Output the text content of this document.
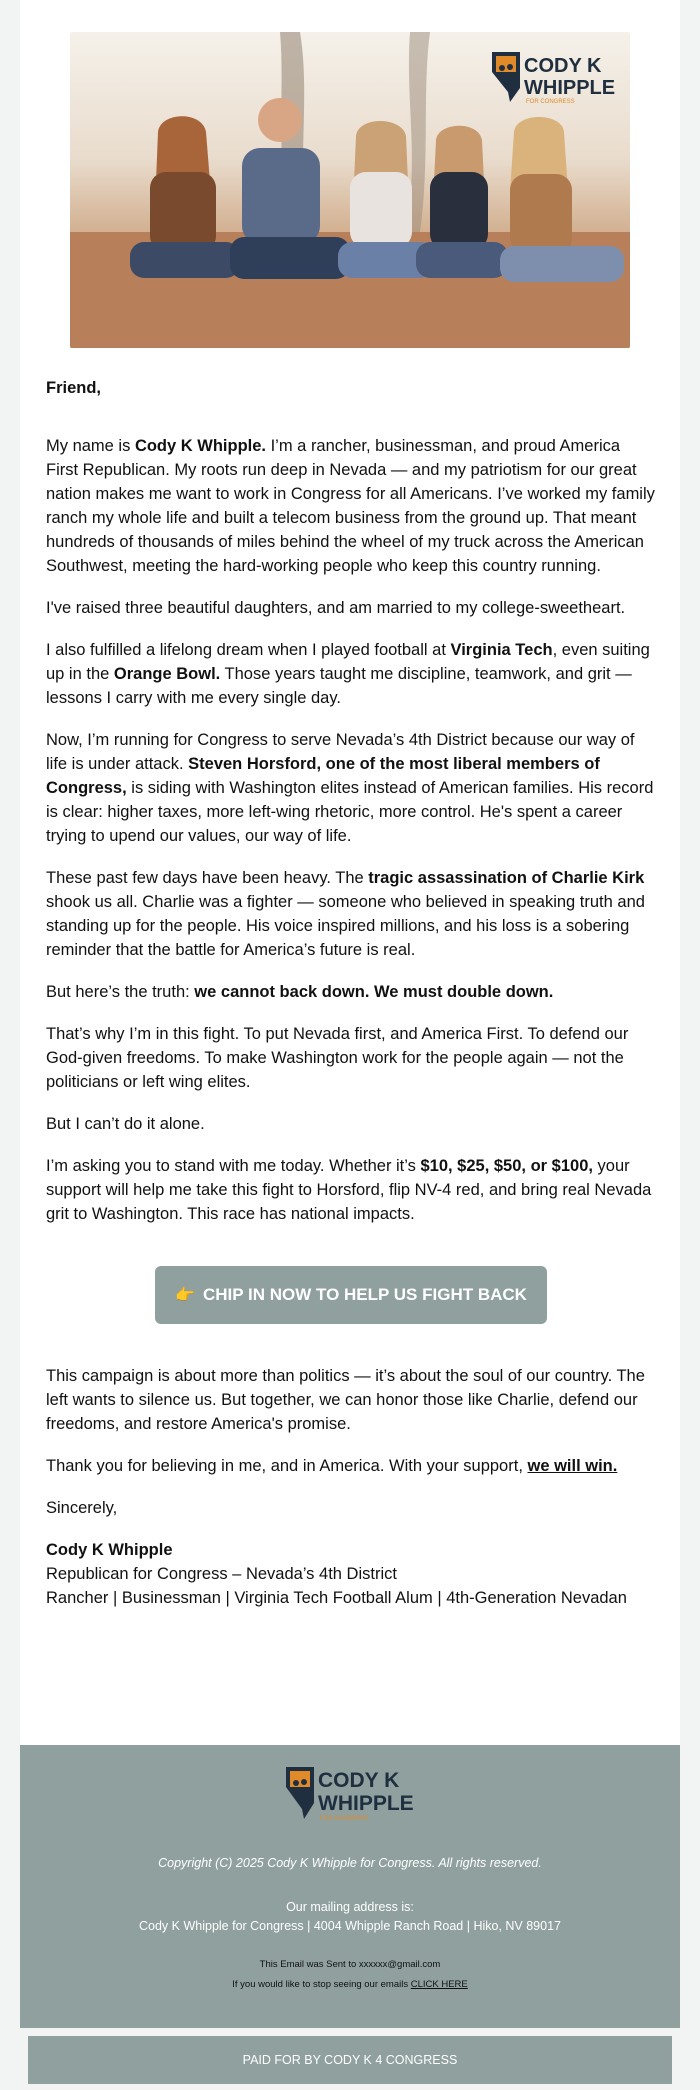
CODY K
WHIPPLE
FOR CONGRESS

Friend,

My name is Cody K Whipple. I’m a rancher, businessman, and proud America First Republican. My roots run deep in Nevada — and my patriotism for our great nation makes me want to work in Congress for all Americans. I’ve worked my family ranch my whole life and built a telecom business from the ground up. That meant hundreds of thousands of miles behind the wheel of my truck across the American Southwest, meeting the hard-working people who keep this country running.

I've raised three beautiful daughters, and am married to my college-sweetheart.

I also fulfilled a lifelong dream when I played football at Virginia Tech, even suiting up in the Orange Bowl. Those years taught me discipline, teamwork, and grit — lessons I carry with me every single day.

Now, I’m running for Congress to serve Nevada’s 4th District because our way of life is under attack. Steven Horsford, one of the most liberal members of Congress, is siding with Washington elites instead of American families. His record is clear: higher taxes, more left-wing rhetoric, more control. He's spent a career trying to upend our values, our way of life.

These past few days have been heavy. The tragic assassination of Charlie Kirk shook us all. Charlie was a fighter — someone who believed in speaking truth and standing up for the people. His voice inspired millions, and his loss is a sobering reminder that the battle for America’s future is real.

But here’s the truth: we cannot back down. We must double down.

That’s why I’m in this fight. To put Nevada first, and America First. To defend our God-given freedoms. To make Washington work for the people again — not the politicians or left wing elites.

But I can’t do it alone.

I’m asking you to stand with me today. Whether it’s $10, $25, $50, or $100, your support will help me take this fight to Horsford, flip NV-4 red, and bring real Nevada grit to Washington. This race has national impacts.

👉 CHIP IN NOW TO HELP US FIGHT BACK

This campaign is about more than politics — it’s about the soul of our country. The left wants to silence us. But together, we can honor those like Charlie, defend our freedoms, and restore America's promise.

Thank you for believing in me, and in America. With your support, we will win.

Sincerely,

Cody K Whipple
Republican for Congress – Nevada’s 4th District
Rancher | Businessman | Virginia Tech Football Alum | 4th-Generation Nevadan
CODY K
WHIPPLE
FOR CONGRESS
Copyright (C) 2025 Cody K Whipple for Congress. All rights reserved.
Our mailing address is:
Cody K Whipple for Congress | 4004 Whipple Ranch Road | Hiko, NV 89017
This Email was Sent to xxxxxx@gmail.com
If you would like to stop seeing our emails CLICK HERE
PAID FOR BY CODY K 4 CONGRESS
